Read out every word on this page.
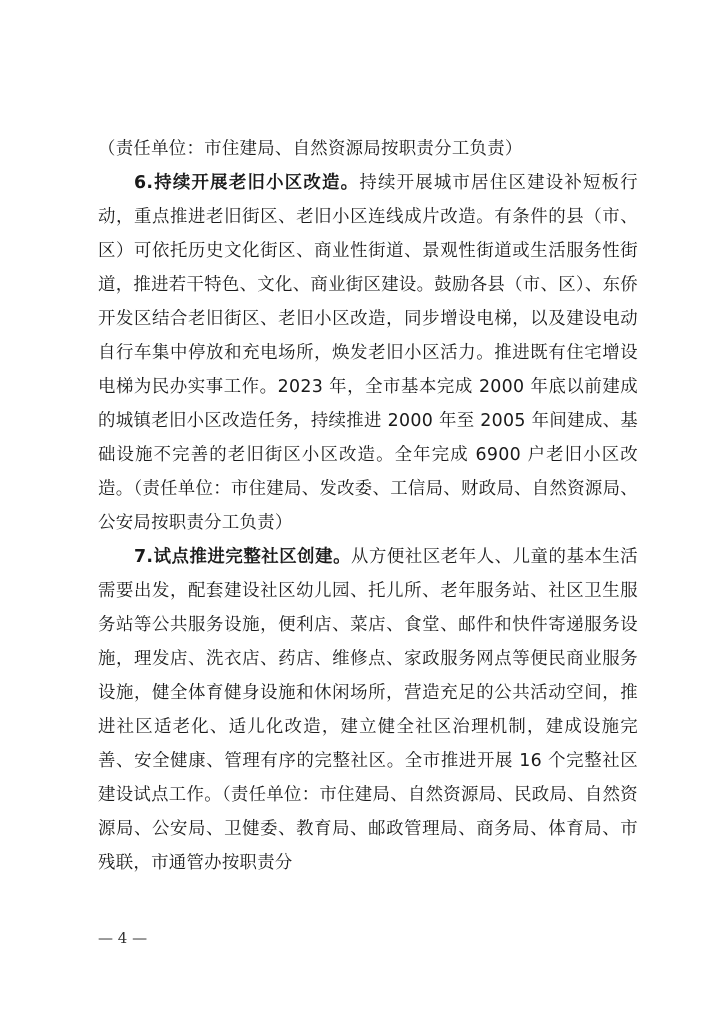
（责任单位：市住建局、自然资源局按职责分工负责）

6.持续开展老旧小区改造。持续开展城市居住区建设补短板行动，重点推进老旧街区、老旧小区连线成片改造。有条件的县（市、区）可依托历史文化街区、商业性街道、景观性街道或生活服务性街道，推进若干特色、文化、商业街区建设。鼓励各县（市、区）、东侨开发区结合老旧街区、老旧小区改造，同步增设电梯，以及建设电动自行车集中停放和充电场所，焕发老旧小区活力。推进既有住宅增设电梯为民办实事工作。2023 年，全市基本完成 2000 年底以前建成的城镇老旧小区改造任务，持续推进 2000 年至 2005 年间建成、基础设施不完善的老旧街区小区改造。全年完成 6900 户老旧小区改造。（责任单位：市住建局、发改委、工信局、财政局、自然资源局、公安局按职责分工负责）

7.试点推进完整社区创建。从方便社区老年人、儿童的基本生活需要出发，配套建设社区幼儿园、托儿所、老年服务站、社区卫生服务站等公共服务设施，便利店、菜店、食堂、邮件和快件寄递服务设施，理发店、洗衣店、药店、维修点、家政服务网点等便民商业服务设施，健全体育健身设施和休闲场所，营造充足的公共活动空间，推进社区适老化、适儿化改造，建立健全社区治理机制，建成设施完善、安全健康、管理有序的完整社区。全市推进开展 16 个完整社区建设试点工作。（责任单位：市住建局、自然资源局、民政局、自然资源局、公安局、卫健委、教育局、邮政管理局、商务局、体育局、市残联，市通管办按职责分

— 4 —
